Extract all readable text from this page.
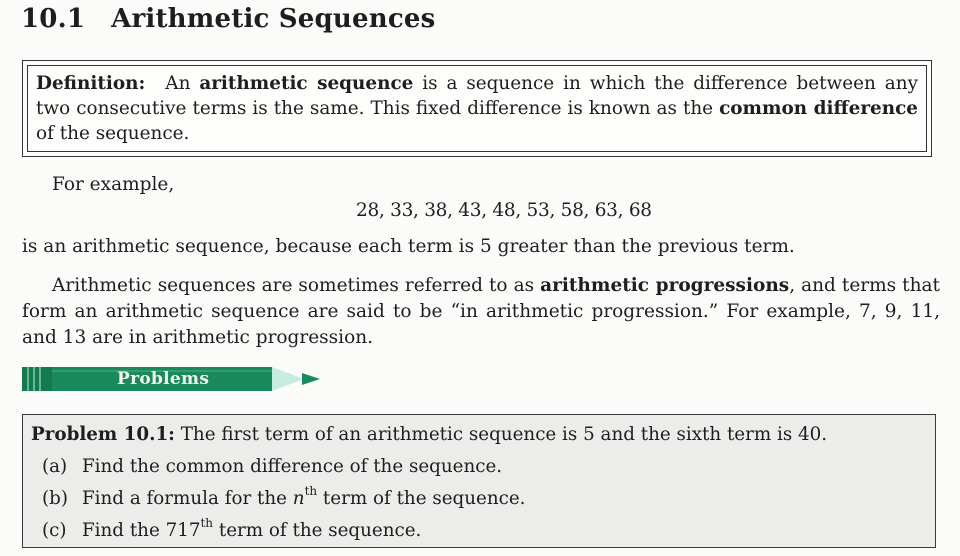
10.1 Arithmetic Sequences
Definition: An arithmetic sequence is a sequence in which the difference between any two consecutive terms is the same. This fixed difference is known as the common difference of the sequence.
For example,
28, 33, 38, 43, 48, 53, 58, 63, 68
is an arithmetic sequence, because each term is 5 greater than the previous term.
Arithmetic sequences are sometimes referred to as arithmetic progressions, and terms that form an arithmetic sequence are said to be “in arithmetic progression.” For example, 7, 9, 11, and 13 are in arithmetic progression.
Problems
Problem 10.1: The first term of an arithmetic sequence is 5 and the sixth term is 40.
(a) Find the common difference of the sequence.
(b) Find a formula for the $n^{th}$ term of the sequence.
(c) Find the 717th term of the sequence.
